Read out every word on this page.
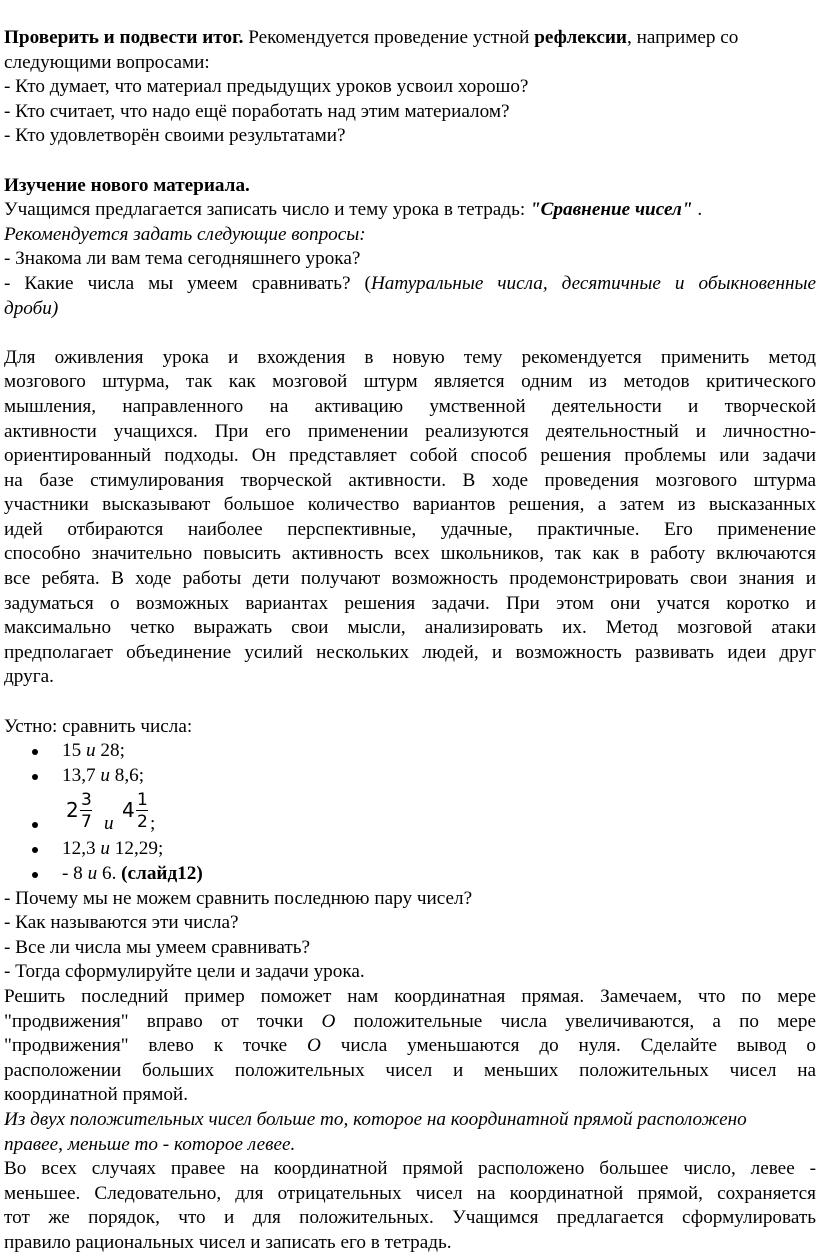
Проверить и подвести итог. Рекомендуется проведение устной рефлексии, например со

следующими вопросами:

- Кто думает, что материал предыдущих уроков усвоил хорошо?

- Кто считает, что надо ещё поработать над этим материалом?

- Кто удовлетворён своими результатами?

Изучение нового материала.

Учащимся предлагается записать число и тему урока в тетрадь: "Сравнение чисел" .

Рекомендуется задать следующие вопросы:

- Знакома ли вам тема сегодняшнего урока?

- Какие числа мы умеем сравнивать? (Натуральные числа, десятичные и обыкновенные

дроби)

Для оживления урока и вхождения в новую тему рекомендуется применить метод

мозгового штурма, так как мозговой штурм является одним из методов критического

мышления, направленного на активацию умственной деятельности и творческой

активности учащихся. При его применении реализуются деятельностный и личностно-

ориентированный подходы. Он представляет собой способ решения проблемы или задачи

на базе стимулирования творческой активности. В ходе проведения мозгового штурма

участники высказывают большое количество вариантов решения, а затем из высказанных

идей отбираются наиболее перспективные, удачные, практичные. Его применение

способно значительно повысить активность всех школьников, так как в работу включаются

все ребята. В ходе работы дети получают возможность продемонстрировать свои знания и

задуматься о возможных вариантах решения задачи. При этом они учатся коротко и

максимально четко выражать свои мысли, анализировать их. Метод мозговой атаки

предполагает объединение усилий нескольких людей, и возможность развивать идеи друг

друга.

Устно: сравнить числа:

15 и 28;
13,7 и 8,6;
2 3
7 и
4 1
2 ;
12,3 и 12,29;
- 8 и 6. (слайд12)

- Почему мы не можем сравнить последнюю пару чисел?

- Как называются эти числа?

- Все ли числа мы умеем сравнивать?

- Тогда сформулируйте цели и задачи урока.

Решить последний пример поможет нам координатная прямая. Замечаем, что по мере

"продвижения" вправо от точки O положительные числа увеличиваются, а по мере

"продвижения" влево к точке O числа уменьшаются до нуля. Сделайте вывод о

расположении больших положительных чисел и меньших положительных чисел на

координатной прямой.

Из двух положительных чисел больше то, которое на координатной прямой расположено

правее, меньше то - которое левее.

Во всех случаях правее на координатной прямой расположено большее число, левее -

меньшее. Следовательно, для отрицательных чисел на координатной прямой, сохраняется

тот же порядок, что и для положительных. Учащимся предлагается сформулировать

правило рациональных чисел и записать его в тетрадь.
